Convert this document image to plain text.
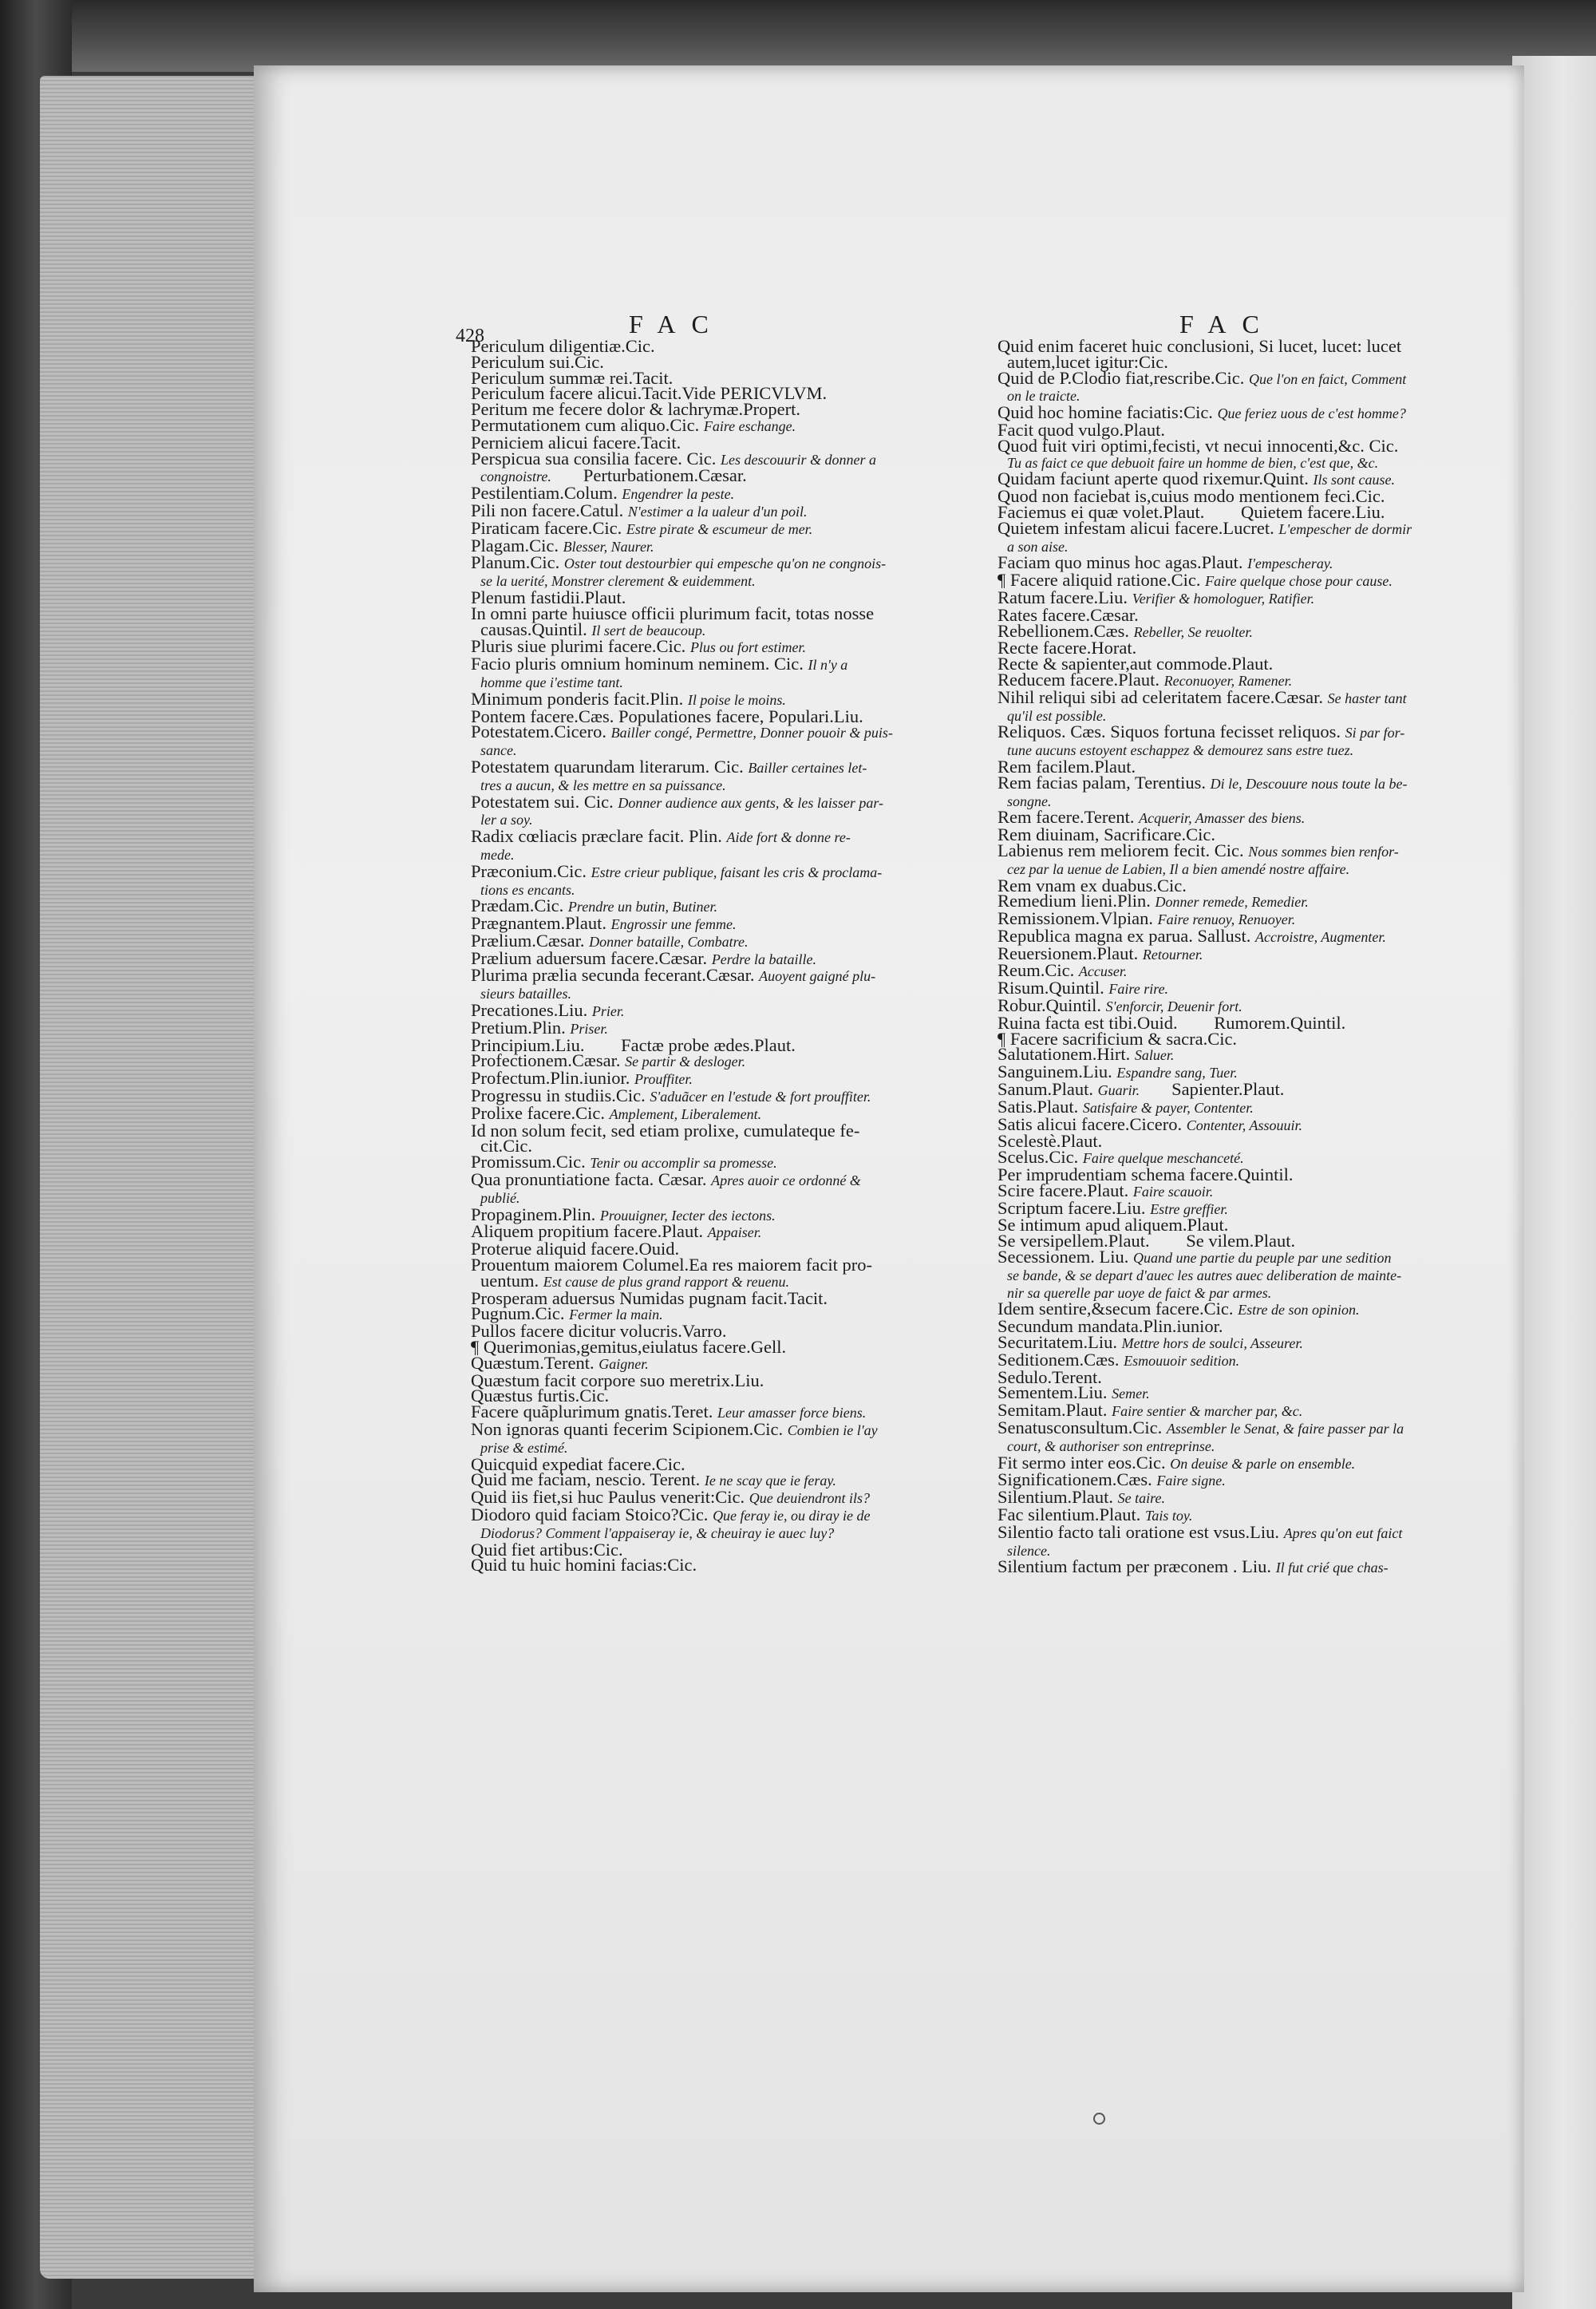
428	FAC	FAC
Periculum diligentiæ.Cic.
Periculum sui.Cic.
Periculum summæ rei.Tacit.
Periculum facere alicui.Tacit.Vide PERICVLVM.
Peritum me fecere dolor & lachrymæ.Propert.
Permutationem cum aliquo.Cic. Faire eschange.
Perniciem alicui facere.Tacit.
Perspicua sua consilia facere. Cic. Les descouurir & donner a
congnoistre. Perturbationem.Cæsar.
Pestilentiam.Colum. Engendrer la peste.
Pili non facere.Catul. N'estimer a la ualeur d'un poil.
Piraticam facere.Cic. Estre pirate & escumeur de mer.
Plagam.Cic. Blesser, Naurer.
Planum.Cic. Oster tout destourbier qui empesche qu'on ne congnois-
se la uerité, Monstrer clerement & euidemment.
Plenum fastidii.Plaut.
In omni parte huiusce officii plurimum facit, totas nosse
causas.Quintil. Il sert de beaucoup.
Pluris siue plurimi facere.Cic. Plus ou fort estimer.
Facio pluris omnium hominum neminem. Cic. Il n'y a
homme que i'estime tant.
Minimum ponderis facit.Plin. Il poise le moins.
Pontem facere.Cæs. Populationes facere, Populari.Liu.
Potestatem.Cicero. Bailler congé, Permettre, Donner pouoir & puis-
sance.
Potestatem quarundam literarum. Cic. Bailler certaines let-
tres a aucun, & les mettre en sa puissance.
Potestatem sui. Cic. Donner audience aux gents, & les laisser par-
ler a soy.
Radix cœliacis præclare facit. Plin. Aide fort & donne re-
mede.
Præconium.Cic. Estre crieur publique, faisant les cris & proclama-
tions es encants.
Prædam.Cic. Prendre un butin, Butiner.
Prægnantem.Plaut. Engrossir une femme.
Prælium.Cæsar. Donner bataille, Combatre.
Prælium aduersum facere.Cæsar. Perdre la bataille.
Plurima prælia secunda fecerant.Cæsar. Auoyent gaigné plu-
sieurs batailles.
Precationes.Liu. Prier.
Pretium.Plin. Priser.
Principium.Liu. Factæ probe ædes.Plaut.
Profectionem.Cæsar. Se partir & desloger.
Profectum.Plin.iunior. Prouffiter.
Progressu in studiis.Cic. S'aduãcer en l'estude & fort prouffiter.
Prolixe facere.Cic. Amplement, Liberalement.
Id non solum fecit, sed etiam prolixe, cumulateque fe-
cit.Cic.
Promissum.Cic. Tenir ou accomplir sa promesse.
Qua pronuntiatione facta. Cæsar. Apres auoir ce ordonné &
publié.
Propaginem.Plin. Prouuigner, Iecter des iectons.
Aliquem propitium facere.Plaut. Appaiser.
Proterue aliquid facere.Ouid.
Prouentum maiorem Columel.Ea res maiorem facit pro-
uentum. Est cause de plus grand rapport & reuenu.
Prosperam aduersus Numidas pugnam facit.Tacit.
Pugnum.Cic. Fermer la main.
Pullos facere dicitur volucris.Varro.
¶ Querimonias,gemitus,eiulatus facere.Gell.
Quæstum.Terent. Gaigner.
Quæstum facit corpore suo meretrix.Liu.
Quæstus furtis.Cic.
Facere quãplurimum gnatis.Teret. Leur amasser force biens.
Non ignoras quanti fecerim Scipionem.Cic. Combien ie l'ay
prise & estimé.
Quicquid expediat facere.Cic.
Quid me faciam, nescio. Terent. Ie ne scay que ie feray.
Quid iis fiet,si huc Paulus venerit:Cic. Que deuiendront ils?
Diodoro quid faciam Stoico?Cic. Que feray ie, ou diray ie de
Diodorus? Comment l'appaiseray ie, & cheuiray ie auec luy?
Quid fiet artibus:Cic.
Quid tu huic homini facias:Cic.
Quid enim faceret huic conclusioni, Si lucet, lucet: lucet
autem,lucet igitur:Cic.
Quid de P.Clodio fiat,rescribe.Cic. Que l'on en faict, Comment
on le traicte.
Quid hoc homine faciatis:Cic. Que feriez uous de c'est homme?
Facit quod vulgo.Plaut.
Quod fuit viri optimi,fecisti, vt necui innocenti,&c. Cic.
Tu as faict ce que debuoit faire un homme de bien, c'est que, &c.
Quidam faciunt aperte quod rixemur.Quint. Ils sont cause.
Quod non faciebat is,cuius modo mentionem feci.Cic.
Faciemus ei quæ volet.Plaut. Quietem facere.Liu.
Quietem infestam alicui facere.Lucret. L'empescher de dormir
a son aise.
Faciam quo minus hoc agas.Plaut. I'empescheray.
¶ Facere aliquid ratione.Cic. Faire quelque chose pour cause.
Ratum facere.Liu. Verifier & homologuer, Ratifier.
Rates facere.Cæsar.
Rebellionem.Cæs. Rebeller, Se reuolter.
Recte facere.Horat.
Recte & sapienter,aut commode.Plaut.
Reducem facere.Plaut. Reconuoyer, Ramener.
Nihil reliqui sibi ad celeritatem facere.Cæsar. Se haster tant
qu'il est possible.
Reliquos. Cæs. Siquos fortuna fecisset reliquos. Si par for-
tune aucuns estoyent eschappez & demourez sans estre tuez.
Rem facilem.Plaut.
Rem facias palam, Terentius. Di le, Descouure nous toute la be-
songne.
Rem facere.Terent. Acquerir, Amasser des biens.
Rem diuinam, Sacrificare.Cic.
Labienus rem meliorem fecit. Cic. Nous sommes bien renfor-
cez par la uenue de Labien, Il a bien amendé nostre affaire.
Rem vnam ex duabus.Cic.
Remedium lieni.Plin. Donner remede, Remedier.
Remissionem.Vlpian. Faire renuoy, Renuoyer.
Republica magna ex parua. Sallust. Accroistre, Augmenter.
Reuersionem.Plaut. Retourner.
Reum.Cic. Accuser.
Risum.Quintil. Faire rire.
Robur.Quintil. S'enforcir, Deuenir fort.
Ruina facta est tibi.Ouid. Rumorem.Quintil.
¶ Facere sacrificium & sacra.Cic.
Salutationem.Hirt. Saluer.
Sanguinem.Liu. Espandre sang, Tuer.
Sanum.Plaut. Guarir. Sapienter.Plaut.
Satis.Plaut. Satisfaire & payer, Contenter.
Satis alicui facere.Cicero. Contenter, Assouuir.
Scelestè.Plaut.
Scelus.Cic. Faire quelque meschanceté.
Per imprudentiam schema facere.Quintil.
Scire facere.Plaut. Faire scauoir.
Scriptum facere.Liu. Estre greffier.
Se intimum apud aliquem.Plaut.
Se versipellem.Plaut. Se vilem.Plaut.
Secessionem. Liu. Quand une partie du peuple par une sedition
se bande, & se depart d'auec les autres auec deliberation de mainte-
nir sa querelle par uoye de faict & par armes.
Idem sentire,&secum facere.Cic. Estre de son opinion.
Secundum mandata.Plin.iunior.
Securitatem.Liu. Mettre hors de soulci, Asseurer.
Seditionem.Cæs. Esmouuoir sedition.
Sedulo.Terent.
Sementem.Liu. Semer.
Semitam.Plaut. Faire sentier & marcher par, &c.
Senatusconsultum.Cic. Assembler le Senat, & faire passer par la
court, & authoriser son entreprinse.
Fit sermo inter eos.Cic. On deuise & parle on ensemble.
Significationem.Cæs. Faire signe.
Silentium.Plaut. Se taire.
Fac silentium.Plaut. Tais toy.
Silentio facto tali oratione est vsus.Liu. Apres qu'on eut faict
silence.
Silentium factum per præconem . Liu. Il fut crié que chas-
